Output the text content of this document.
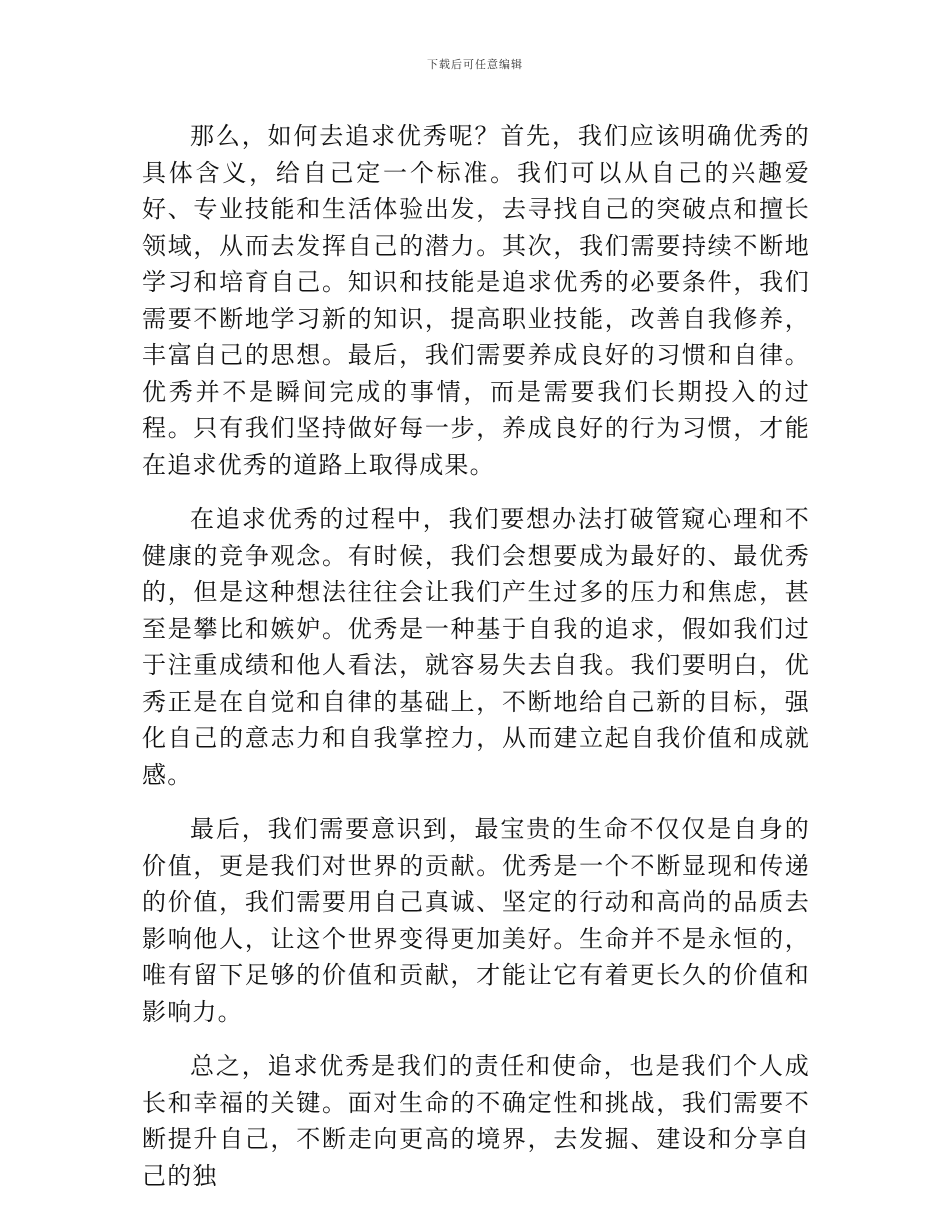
下载后可任意编辑

那么，如何去追求优秀呢？首先，我们应该明确优秀的具体含义，给自己定一个标准。我们可以从自己的兴趣爱好、专业技能和生活体验出发，去寻找自己的突破点和擅长领域，从而去发挥自己的潜力。其次，我们需要持续不断地学习和培育自己。知识和技能是追求优秀的必要条件，我们需要不断地学习新的知识，提高职业技能，改善自我修养，丰富自己的思想。最后，我们需要养成良好的习惯和自律。优秀并不是瞬间完成的事情，而是需要我们长期投入的过程。只有我们坚持做好每一步，养成良好的行为习惯，才能在追求优秀的道路上取得成果。

在追求优秀的过程中，我们要想办法打破管窥心理和不健康的竞争观念。有时候，我们会想要成为最好的、最优秀的，但是这种想法往往会让我们产生过多的压力和焦虑，甚至是攀比和嫉妒。优秀是一种基于自我的追求，假如我们过于注重成绩和他人看法，就容易失去自我。我们要明白，优秀正是在自觉和自律的基础上，不断地给自己新的目标，强化自己的意志力和自我掌控力，从而建立起自我价值和成就感。

最后，我们需要意识到，最宝贵的生命不仅仅是自身的价值，更是我们对世界的贡献。优秀是一个不断显现和传递的价值，我们需要用自己真诚、坚定的行动和高尚的品质去影响他人，让这个世界变得更加美好。生命并不是永恒的，唯有留下足够的价值和贡献，才能让它有着更长久的价值和影响力。

总之，追求优秀是我们的责任和使命，也是我们个人成长和幸福的关键。面对生命的不确定性和挑战，我们需要不断提升自己，不断走向更高的境界，去发掘、建设和分享自己的独
